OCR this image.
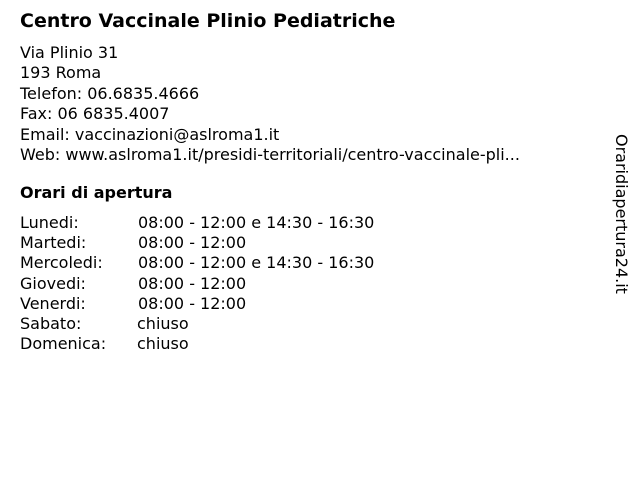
Centro Vaccinale Plinio Pediatriche
Via Plinio 31
193 Roma
Telefon: 06.6835.4666
Fax: 06 6835.4007
Email: vaccinazioni@aslroma1.it
Web: www.aslroma1.it/presidi-territoriali/centro-vaccinale-pli...
Orari di apertura
Lunedi:	08:00 - 12:00 e 14:30 - 16:30
Martedi:	08:00 - 12:00
Mercoledi: 08:00 - 12:00 e 14:30 - 16:30
Giovedi:	08:00 - 12:00
Venerdi:	08:00 - 12:00
Sabato:	chiuso
Domenica: chiuso
Oraridiapertura24.it
